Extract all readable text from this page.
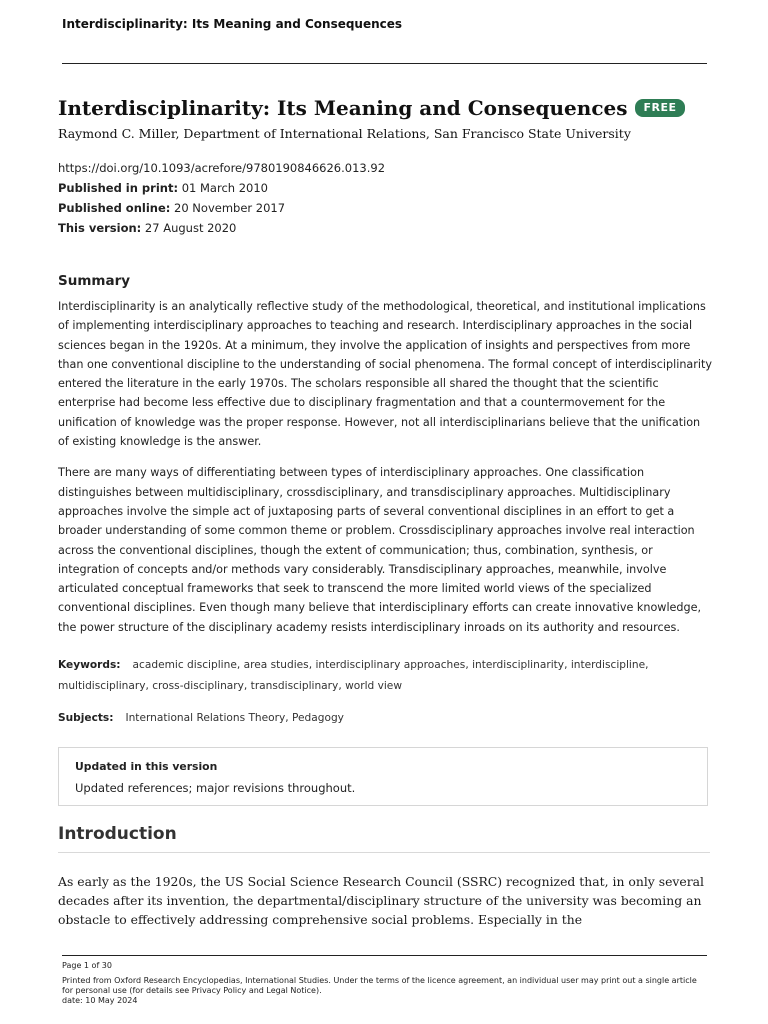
Interdisciplinarity: Its Meaning and Consequences
Interdisciplinarity: Its Meaning and Consequences	FREE
Raymond C. Miller, Department of International Relations, San Francisco State University
https://doi.org/10.1093/acrefore/9780190846626.013.92
Published in print: 01 March 2010
Published online: 20 November 2017
This version: 27 August 2020
Summary

Interdisciplinarity is an analytically reflective study of the methodological, theoretical, and institutional implications of implementing interdisciplinary approaches to teaching and research. Interdisciplinary approaches in the social sciences began in the 1920s. At a minimum, they involve the application of insights and perspectives from more than one conventional discipline to the understanding of social phenomena. The formal concept of interdisciplinarity entered the literature in the early 1970s. The scholars responsible all shared the thought that the scientific enterprise had become less effective due to disciplinary fragmentation and that a countermovement for the unification of knowledge was the proper response. However, not all interdisciplinarians believe that the unification of existing knowledge is the answer.

There are many ways of differentiating between types of interdisciplinary approaches. One classification distinguishes between multidisciplinary, crossdisciplinary, and transdisciplinary approaches. Multidisciplinary approaches involve the simple act of juxtaposing parts of several conventional disciplines in an effort to get a broader understanding of some common theme or problem. Crossdisciplinary approaches involve real interaction across the conventional disciplines, though the extent of communication; thus, combination, synthesis, or integration of concepts and/or methods vary considerably. Transdisciplinary approaches, meanwhile, involve articulated conceptual frameworks that seek to transcend the more limited world views of the specialized conventional disciplines. Even though many believe that interdisciplinary efforts can create innovative knowledge, the power structure of the disciplinary academy resists interdisciplinary inroads on its authority and resources.

Keywords: academic discipline, area studies, interdisciplinary approaches, interdisciplinarity, interdiscipline,
multidisciplinary, cross-disciplinary, transdisciplinary, world view
Subjects: International Relations Theory, Pedagogy
Updated in this version
Updated references; major revisions throughout.
Introduction
As early as the 1920s, the US Social Science Research Council (SSRC) recognized that, in only several decades after its invention, the departmental/disciplinary structure of the university was becoming an obstacle to effectively addressing comprehensive social problems. Especially in the
Page 1 of 30
Printed from Oxford Research Encyclopedias, International Studies. Under the terms of the licence agreement, an individual user may print out a single article for personal use (for details see Privacy Policy and Legal Notice).
date: 10 May 2024
